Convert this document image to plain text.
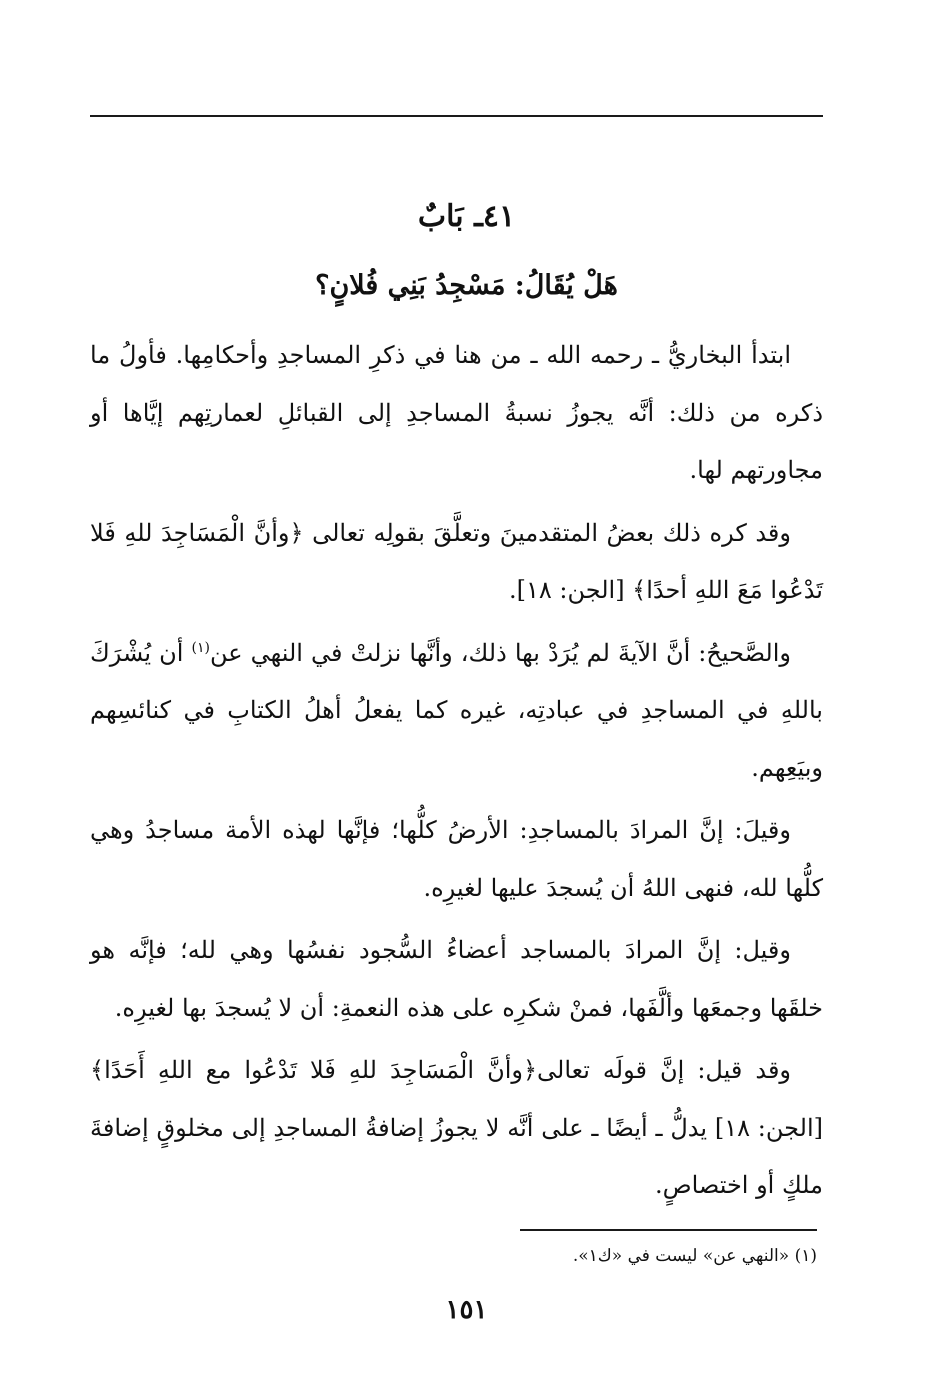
٤١ـ بَابٌ
هَلْ يُقَالُ: مَسْجِدُ بَنِي فُلانٍ؟

ابتدأ البخاريُّ ـ رحمه الله ـ من هنا في ذكرِ المساجدِ وأحكامِها. فأولُ ما ذكره من ذلك: أنَّه يجوزُ نسبةُ المساجدِ إلى القبائلِ لعمارتِهم إيَّاها أو مجاورتهم لها.

وقد كره ذلك بعضُ المتقدمينَ وتعلَّقَ بقولِه تعالى ﴿وأنَّ الْمَسَاجِدَ للهِ فَلا تَدْعُوا مَعَ اللهِ أحدًا﴾ [الجن: ١٨].

والصَّحيحُ: أنَّ الآيةَ لم يُرَدْ بها ذلك، وأنَّها نزلتْ في النهي عن$^{(١)}$ أن يُشْرَكَ باللهِ في المساجدِ في عبادتِه، غيره كما يفعلُ أهلُ الكتابِ في كنائسِهم وبيَعِهم.

وقيلَ: إنَّ المرادَ بالمساجدِ: الأرضُ كلُّها؛ فإنَّها لهذه الأمة مساجدُ وهي كلُّها لله، فنهى اللهُ أن يُسجدَ عليها لغيرِه.

وقيل: إنَّ المرادَ بالمساجد أعضاءُ السُّجود نفسُها وهي لله؛ فإنَّه هو خلقَها وجمعَها وألَّفَها، فمنْ شكرِه على هذه النعمةِ: أن لا يُسجدَ بها لغيرِه.

وقد قيل: إنَّ قولَه تعالى﴿وأنَّ الْمَسَاجِدَ للهِ فَلا تَدْعُوا مع اللهِ أَحَدًا﴾ [الجن: ١٨] يدلُّ ـ أيضًا ـ على أنَّه لا يجوزُ إضافةُ المساجدِ إلى مخلوقٍ إضافةَ ملكٍ أو اختصاصٍ.

(١) «النهي عن» ليست في «ك١».
١٥١
